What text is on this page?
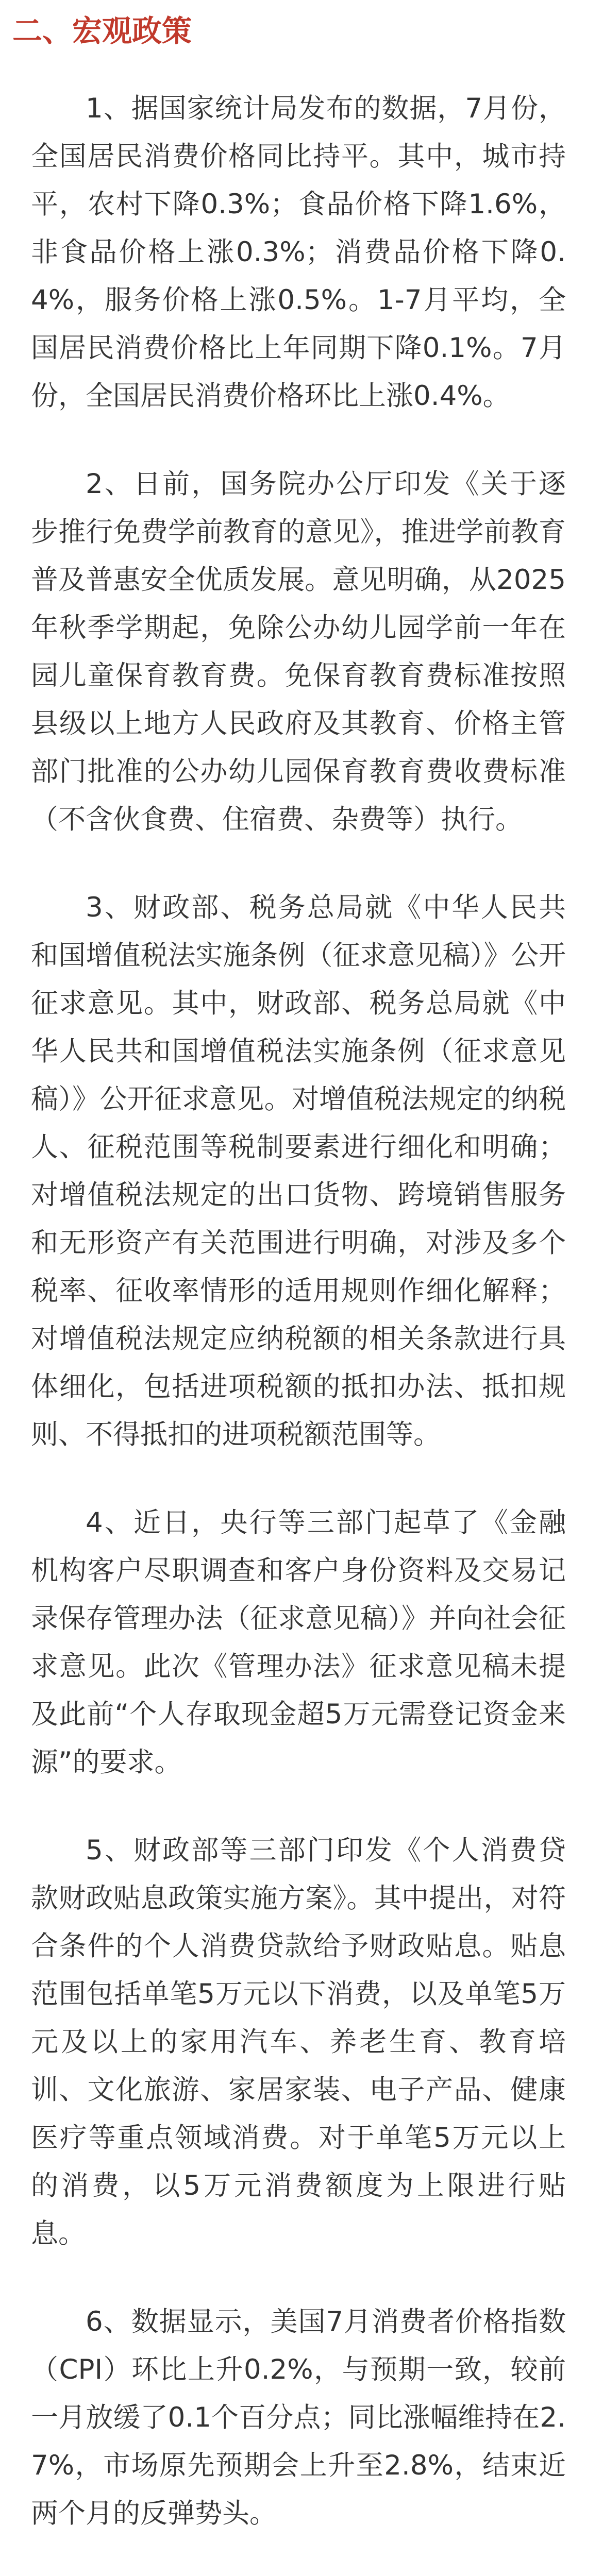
二、宏观政策

1、据国家统计局发布的数据，7月份，全国居民消费价格同比持平。其中，城市持平，农村下降0.3%；食品价格下降1.6%，非食品价格上涨0.3%；消费品价格下降0.4%，服务价格上涨0.5%。1-7月平均，全国居民消费价格比上年同期下降0.1%。7月份，全国居民消费价格环比上涨0.4%。

2、日前，国务院办公厅印发《关于逐步推行免费学前教育的意见》，推进学前教育普及普惠安全优质发展。意见明确，从2025年秋季学期起，免除公办幼儿园学前一年在园儿童保育教育费。免保育教育费标准按照县级以上地方人民政府及其教育、价格主管部门批准的公办幼儿园保育教育费收费标准（不含伙食费、住宿费、杂费等）执行。

3、财政部、税务总局就《中华人民共和国增值税法实施条例（征求意见稿）》公开征求意见。其中，财政部、税务总局就《中华人民共和国增值税法实施条例（征求意见稿）》公开征求意见。对增值税法规定的纳税人、征税范围等税制要素进行细化和明确；对增值税法规定的出口货物、跨境销售服务和无形资产有关范围进行明确，对涉及多个税率、征收率情形的适用规则作细化解释；对增值税法规定应纳税额的相关条款进行具体细化，包括进项税额的抵扣办法、抵扣规则、不得抵扣的进项税额范围等。

4、近日，央行等三部门起草了《金融机构客户尽职调查和客户身份资料及交易记录保存管理办法（征求意见稿）》并向社会征求意见。此次《管理办法》征求意见稿未提及此前“个人存取现金超5万元需登记资金来源”的要求。

5、财政部等三部门印发《个人消费贷款财政贴息政策实施方案》。其中提出，对符合条件的个人消费贷款给予财政贴息。贴息范围包括单笔5万元以下消费，以及单笔5万元及以上的家用汽车、养老生育、教育培训、文化旅游、家居家装、电子产品、健康医疗等重点领域消费。对于单笔5万元以上的消费，以5万元消费额度为上限进行贴息。

6、数据显示，美国7月消费者价格指数（CPI）环比上升0.2%，与预期一致，较前一月放缓了0.1个百分点；同比涨幅维持在2.7%，市场原先预期会上升至2.8%，结束近两个月的反弹势头。
